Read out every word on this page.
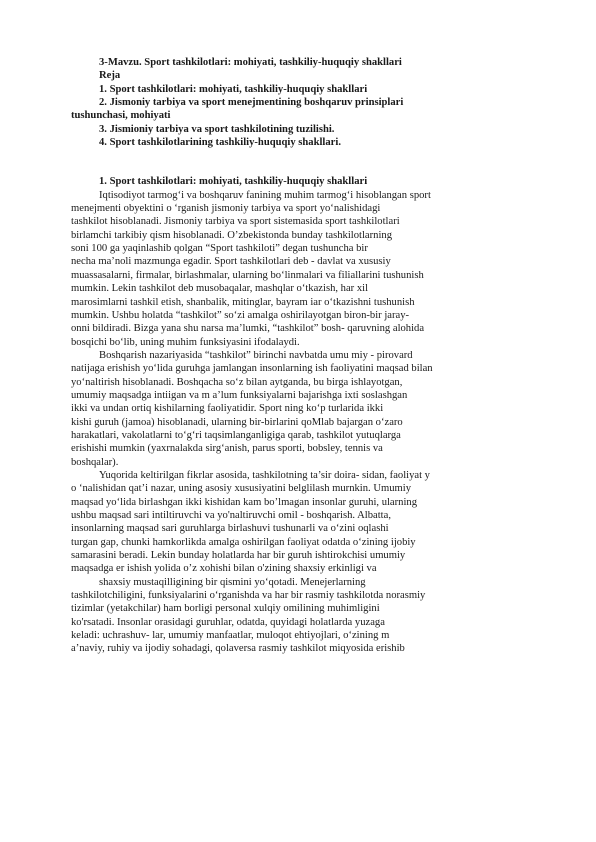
3-Mavzu. Sport tashkilotlari: mohiyati, tashkiliy-huquqiy shakllari
Reja
1. Sport tashkilotlari: mohiyati, tashkiliy-huquqiy shakllari
2. Jismoniy tarbiya va sport menejmentining boshqaruv prinsiplari
tushunchasi, mohiyati
3. Jismioniy tarbiya va sport tashkilotining tuzilishi.
4. Sport tashkilotlarining tashkiliy-huquqiy shakllari.
1. Sport tashkilotlari: mohiyati, tashkiliy-huquqiy shakllari
Iqtisodiyot tarmog‘i va boshqaruv fanining muhim tarmog‘i hisoblangan sport
menejmenti obyektini o ‘rganish jismoniy tarbiya va sport yo‘nalishidagi
tashkilot hisoblanadi. Jismoniy tarbiya va sport sistemasida sport tashkilotlari
birlamchi tarkibiy qism hisoblanadi. O’zbekistonda bunday tashkilotlarning
soni 100 ga yaqinlashib qolgan “Sport tashkiloti” degan tushuncha bir
necha ma’noli mazmunga egadir. Sport tashkilotlari deb - davlat va xususiy
muassasalarni, firmalar, birlashmalar, ularning bo‘linmalari va filiallarini tushunish
mumkin. Lekin tashkilot deb musobaqalar, mashqlar o‘tkazish, har xil
marosimlarni tashkil etish, shanbalik, mitinglar, bayram iar o‘tkazishni tushunish
mumkin. Ushbu holatda “tashkilot” so‘zi amalga oshirilayotgan biron-bir jaray-
onni bildiradi. Bizga yana shu narsa ma’lumki, “tashkilot” bosh- qaruvning alohida
bosqichi bo‘lib, uning muhim funksiyasini ifodalaydi.
Boshqarish nazariyasida “tashkilot” birinchi navbatda umu miy - pirovard
natijaga erishish yo‘lida guruhga jamlangan insonlarning ish faoliyatini maqsad bilan
yo‘naltirish hisoblanadi. Boshqacha so‘z bilan aytganda, bu birga ishlayotgan,
umumiy maqsadga intiigan va m a’lum funksiyalarni bajarishga ixti soslashgan
ikki va undan ortiq kishilarning faoliyatidir. Sport ning ko‘p turlarida ikki
kishi guruh (jamoa) hisoblanadi, ularning bir-birlarini qoMlab bajargan o‘zaro
harakatlari, vakolatlarni to‘g‘ri taqsimlanganligiga qarab, tashkilot yutuqlarga
erishishi mumkin (yaxrnalakda sirg‘anish, parus sporti, bobsley, tennis va
boshqalar).
Yuqorida keltirilgan fikrlar asosida, tashkilotning ta’sir doira- sidan, faoliyat y
o ‘nalishidan qat’i nazar, uning asosiy xususiyatini belglilash murnkin. Umumiy
maqsad yo‘lida birlashgan ikki kishidan kam bo’lmagan insonlar guruhi, ularning
ushbu maqsad sari intiltiruvchi va yo'naltiruvchi omil - boshqarish. Albatta,
insonlarning maqsad sari guruhlarga birlashuvi tushunarli va o‘zini oqlashi
turgan gap, chunki hamkorlikda amalga oshirilgan faoliyat odatda o‘zining ijobiy
samarasini beradi. Lekin bunday holatlarda har bir guruh ishtirokchisi umumiy
maqsadga er ishish yolida o’z xohishi bilan o'zining shaxsiy erkinligi va
shaxsiy mustaqilligining bir qismini yo‘qotadi. Menejerlarning
tashkilotchiligini, funksiyalarini o‘rganishda va har bir rasmiy tashkilotda norasmiy
tizimlar (yetakchilar) ham borligi personal xulqiy omilining muhimligini
ko'rsatadi. Insonlar orasidagi guruhlar, odatda, quyidagi holatlarda yuzaga
keladi: uchrashuv- lar, umumiy manfaatlar, muloqot ehtiyojlari, o‘zining m
a’naviy, ruhiy va ijodiy sohadagi, qolaversa rasmiy tashkilot miqyosida erishib
